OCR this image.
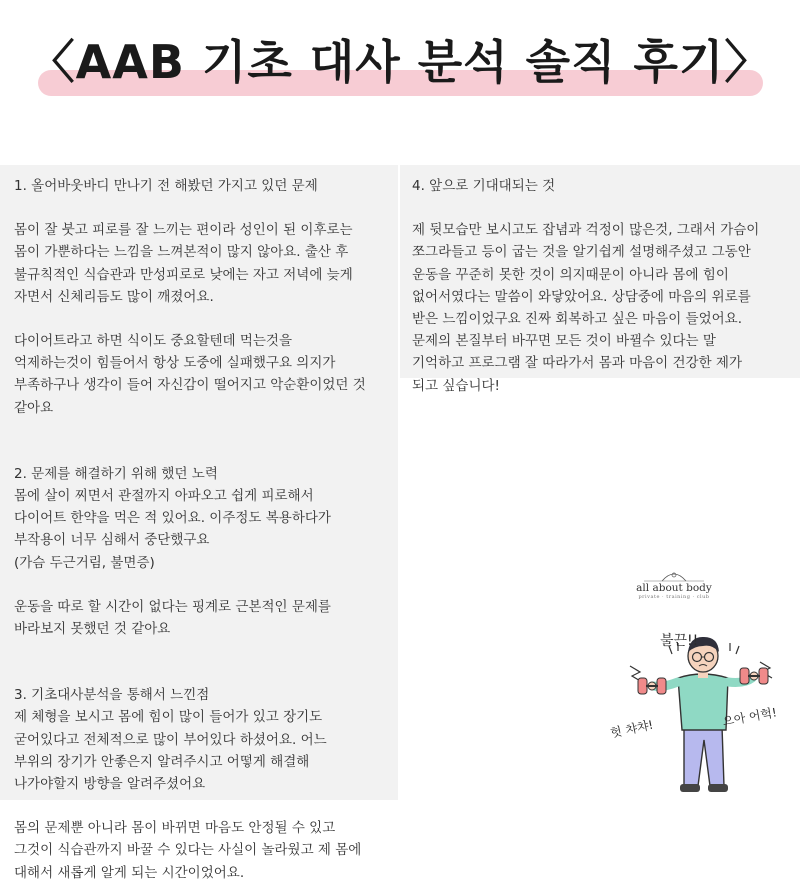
〈AAB 기초 대사 분석 솔직 후기〉
1. 올어바웃바디 만나기 전 해봤던 가지고 있던 문제
몸이 잘 붓고 피로를 잘 느끼는 편이라 성인이 된 이후로는
몸이 가뿐하다는 느낌을 느껴본적이 많지 않아요. 출산 후
불규칙적인 식습관과 만성피로로 낮에는 자고 저녁에 늦게
자면서 신체리듬도 많이 깨졌어요.
다이어트라고 하면 식이도 중요할텐데 먹는것을
억제하는것이 힘들어서 항상 도중에 실패했구요 의지가
부족하구나 생각이 들어 자신감이 떨어지고 악순환이었던 것
같아요
2. 문제를 해결하기 위해 했던 노력
몸에 살이 찌면서 관절까지 아파오고 쉽게 피로해서
다이어트 한약을 먹은 적 있어요. 이주정도 복용하다가
부작용이 너무 심해서 중단했구요
(가슴 두근거림, 불면증)
운동을 따로 할 시간이 없다는 핑계로 근본적인 문제를
바라보지 못했던 것 같아요
3. 기초대사분석을 통해서 느낀점
제 체형을 보시고 몸에 힘이 많이 들어가 있고 장기도
굳어있다고 전체적으로 많이 부어있다 하셨어요. 어느
부위의 장기가 안좋은지 알려주시고 어떻게 해결해
나가야할지 방향을 알려주셨어요
몸의 문제뿐 아니라 몸이 바뀌면 마음도 안정될 수 있고
그것이 식습관까지 바꿀 수 있다는 사실이 놀라웠고 제 몸에
대해서 새롭게 알게 되는 시간이었어요.
4. 앞으로 기대대되는 것
제 뒷모습만 보시고도 잡념과 걱정이 많은것, 그래서 가슴이
쪼그라들고 등이 굽는 것을 알기쉽게 설명해주셨고 그동안
운동을 꾸준히 못한 것이 의지때문이 아니라 몸에 힘이
없어서였다는 말씀이 와닿았어요. 상담중에 마음의 위로를
받은 느낌이었구요 진짜 회복하고 싶은 마음이 들었어요.
문제의 본질부터 바꾸면 모든 것이 바뀔수 있다는 말
기억하고 프로그램 잘 따라가서 몸과 마음이 건강한 제가
되고 싶습니다!
all about body
private · training · club
불끈!!
헛 챠챠!
으아 어헉!
